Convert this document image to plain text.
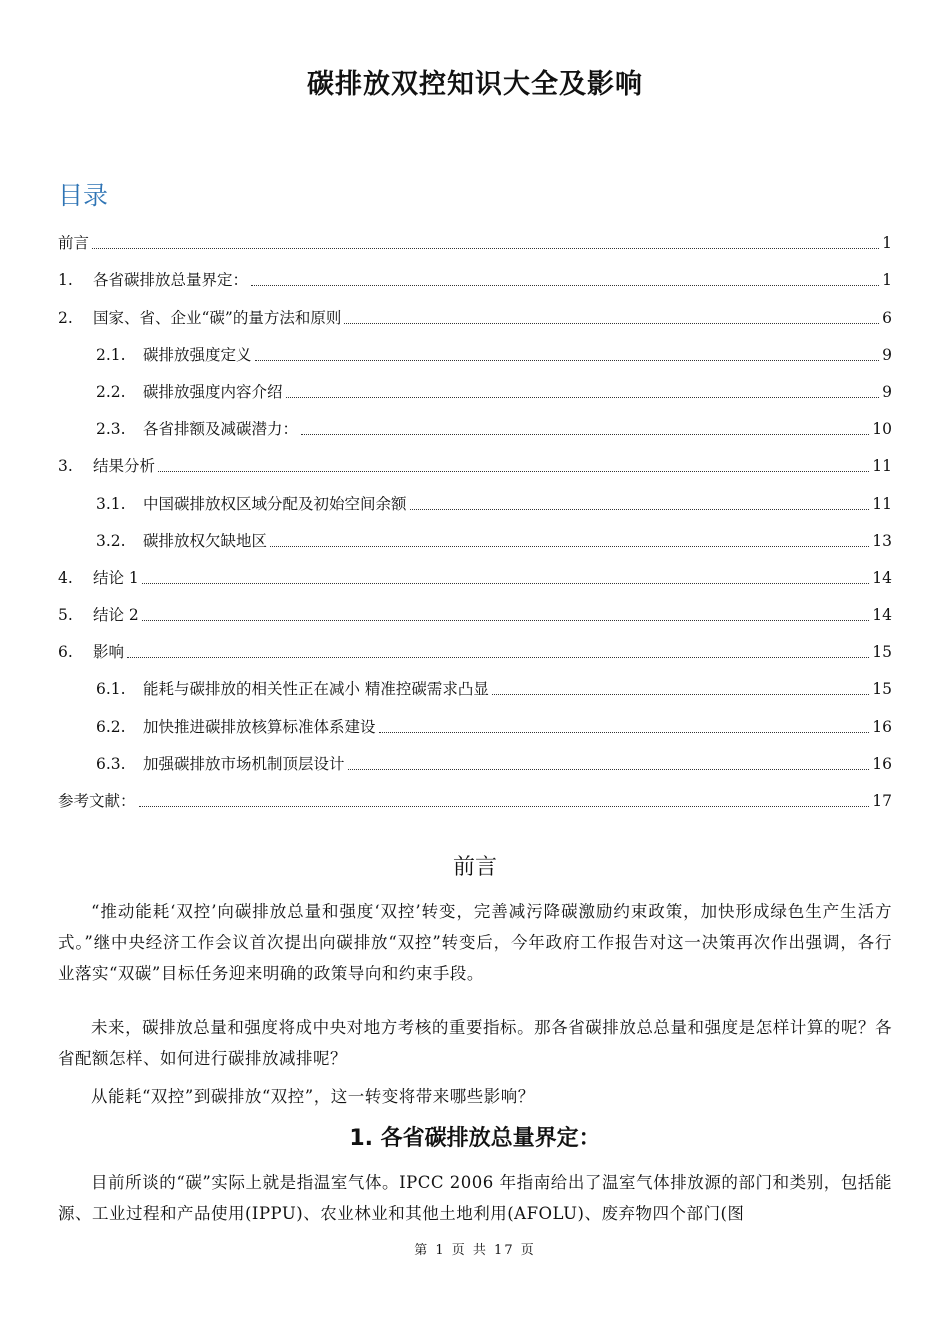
碳排放双控知识大全及影响
目录
前言	1
1.	各省碳排放总量界定：	1
2.	国家、省、企业“碳”的量方法和原则	6
2.1.	碳排放强度定义	9
2.2.	碳排放强度内容介绍	9
2.3.	各省排额及减碳潜力：	10
3.	结果分析	11
3.1.	中国碳排放权区域分配及初始空间余额	11
3.2.	碳排放权欠缺地区	13
4.	结论 1	14
5.	结论 2	14
6.	影响	15
6.1.	能耗与碳排放的相关性正在减小 精准控碳需求凸显	15
6.2.	加快推进碳排放核算标准体系建设	16
6.3.	加强碳排放市场机制顶层设计	16
参考文献：	17
前言
“推动能耗‘双控’向碳排放总量和强度‘双控’转变，完善减污降碳激励约束政策，加快形成绿色生产生活方式。”继中央经济工作会议首次提出向碳排放“双控”转变后，今年政府工作报告对这一决策再次作出强调，各行业落实“双碳”目标任务迎来明确的政策导向和约束手段。
未来，碳排放总量和强度将成中央对地方考核的重要指标。那各省碳排放总总量和强度是怎样计算的呢？各省配额怎样、如何进行碳排放减排呢？
从能耗“双控”到碳排放“双控”，这一转变将带来哪些影响？
1. 各省碳排放总量界定：
目前所谈的“碳”实际上就是指温室气体。IPCC 2006 年指南给出了温室气体排放源的部门和类别，包括能源、工业过程和产品使用(IPPU)、农业林业和其他土地利用(AFOLU)、废弃物四个部门(图
第 1 页 共 17 页
